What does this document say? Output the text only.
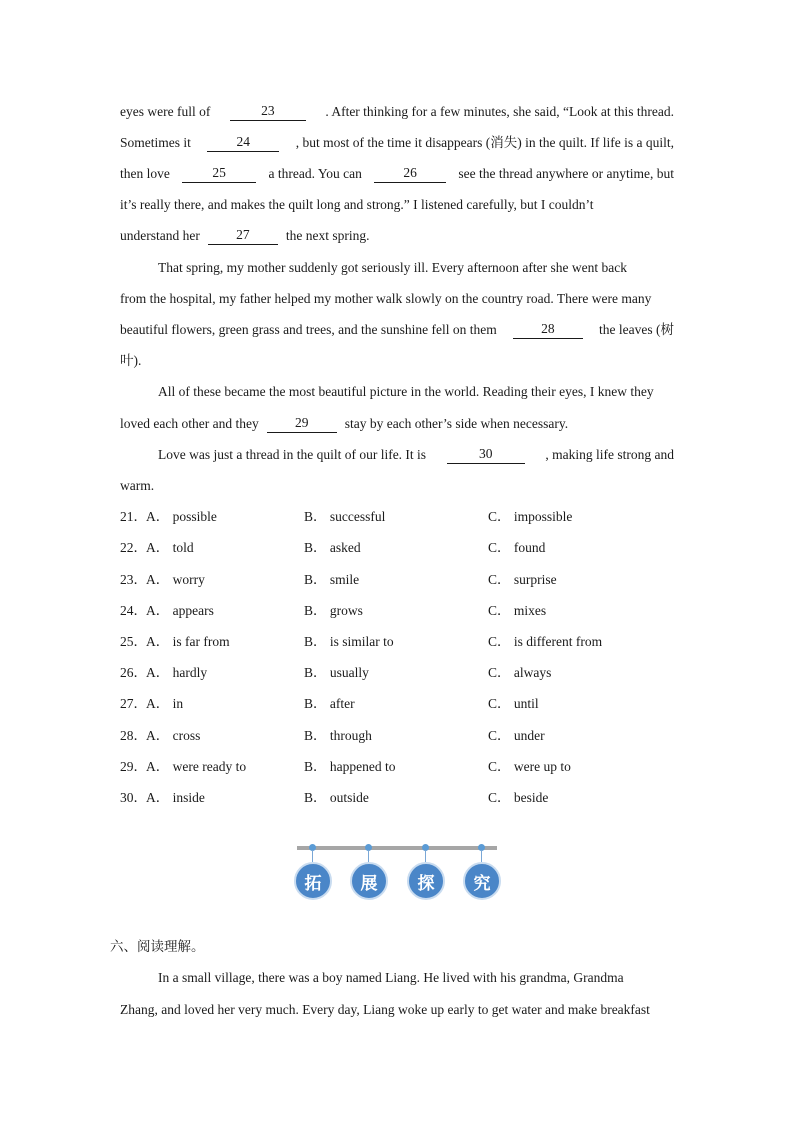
eyes were full of	23	. After thinking for a few minutes, she said, “Look at this thread.
Sometimes it	24	, but most of the time it disappears (消失) in the quilt. If life is a quilt,
then love	25	a thread. You can	26	see the thread anywhere or anytime, but
it’s really there, and makes the quilt long and strong.” I listened carefully, but I couldn’t
understand her	27	the next spring.
That spring, my mother suddenly got seriously ill. Every afternoon after she went back
from the hospital, my father helped my mother walk slowly on the country road. There were many
beautiful flowers, green grass and trees, and the sunshine fell on them	28	the leaves (树
叶).
All of these became the most beautiful picture in the world. Reading their eyes, I knew they
loved each other and they	29	stay by each other’s side when necessary.
Love was just a thread in the quilt of our life. It is	30	, making life strong and
warm.
21． A． possible	B． successful	C． impossible
22． A． told	B． asked	C． found
23． A． worry	B． smile	C． surprise
24． A． appears	B． grows	C． mixes
25． A． is far from	B． is similar to	C． is different from
26． A． hardly	B． usually	C． always
27． A． in	B． after	C． until
28． A． cross	B． through	C． under
29． A． were ready to	B． happened to	C． were up to
30． A． inside	B． outside	C． beside
拓	展	探	究
六、阅读理解。
In a small village, there was a boy named Liang. He lived with his grandma, Grandma
Zhang, and loved her very much. Every day, Liang woke up early to get water and make breakfast
